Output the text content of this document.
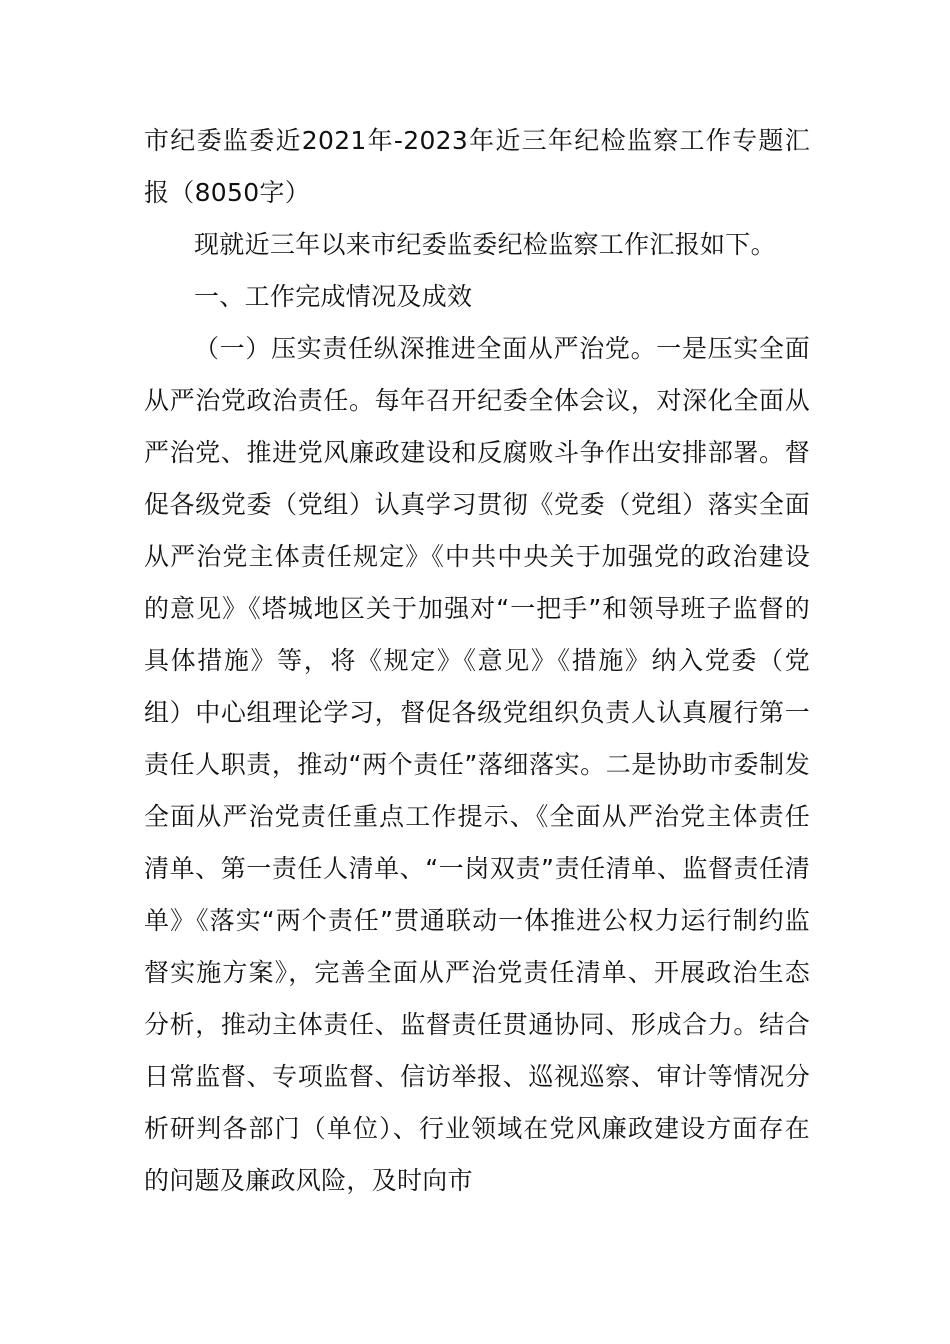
市纪委监委近2021年-2023年近三年纪检监察工作专题汇报（8050字）

现就近三年以来市纪委监委纪检监察工作汇报如下。

一、工作完成情况及成效

（一）压实责任纵深推进全面从严治党。一是压实全面从严治党政治责任。每年召开纪委全体会议，对深化全面从严治党、推进党风廉政建设和反腐败斗争作出安排部署。督促各级党委（党组）认真学习贯彻《党委（党组）落实全面从严治党主体责任规定》《中共中央关于加强党的政治建设的意见》《塔城地区关于加强对“一把手”和领导班子监督的具体措施》等，将《规定》《意见》《措施》纳入党委（党组）中心组理论学习，督促各级党组织负责人认真履行第一责任人职责，推动“两个责任”落细落实。二是协助市委制发全面从严治党责任重点工作提示、《全面从严治党主体责任清单、第一责任人清单、“一岗双责”责任清单、监督责任清单》《落实“两个责任”贯通联动一体推进公权力运行制约监督实施方案》，完善全面从严治党责任清单、开展政治生态分析，推动主体责任、监督责任贯通协同、形成合力。结合日常监督、专项监督、信访举报、巡视巡察、审计等情况分析研判各部门（单位）、行业领域在党风廉政建设方面存在的问题及廉政风险，及时向市
